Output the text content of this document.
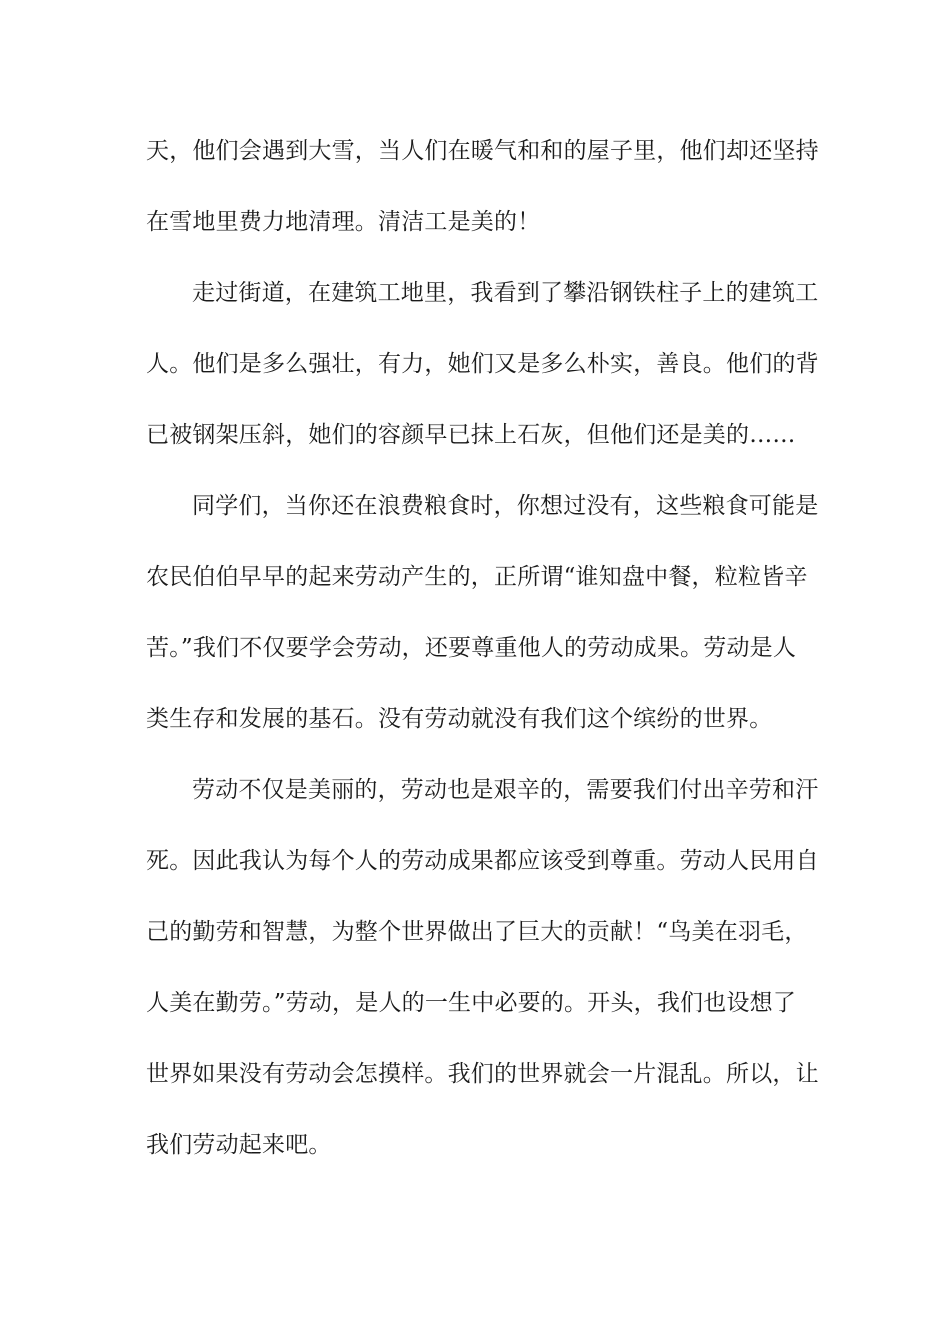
天，他们会遇到大雪，当人们在暖气和和的屋子里，他们却还坚持
在雪地里费力地清理。清洁工是美的！
走过街道，在建筑工地里，我看到了攀沿钢铁柱子上的建筑工
人。他们是多么强壮，有力，她们又是多么朴实，善良。他们的背
已被钢架压斜，她们的容颜早已抹上石灰，但他们还是美的……
同学们，当你还在浪费粮食时，你想过没有，这些粮食可能是
农民伯伯早早的起来劳动产生的，正所谓“谁知盘中餐，粒粒皆辛
苦。”我们不仅要学会劳动，还要尊重他人的劳动成果。劳动是人
类生存和发展的基石。没有劳动就没有我们这个缤纷的世界。
劳动不仅是美丽的，劳动也是艰辛的，需要我们付出辛劳和汗
死。因此我认为每个人的劳动成果都应该受到尊重。劳动人民用自
己的勤劳和智慧，为整个世界做出了巨大的贡献！“鸟美在羽毛，
人美在勤劳。”劳动，是人的一生中必要的。开头，我们也设想了
世界如果没有劳动会怎摸样。我们的世界就会一片混乱。所以，让
我们劳动起来吧。
